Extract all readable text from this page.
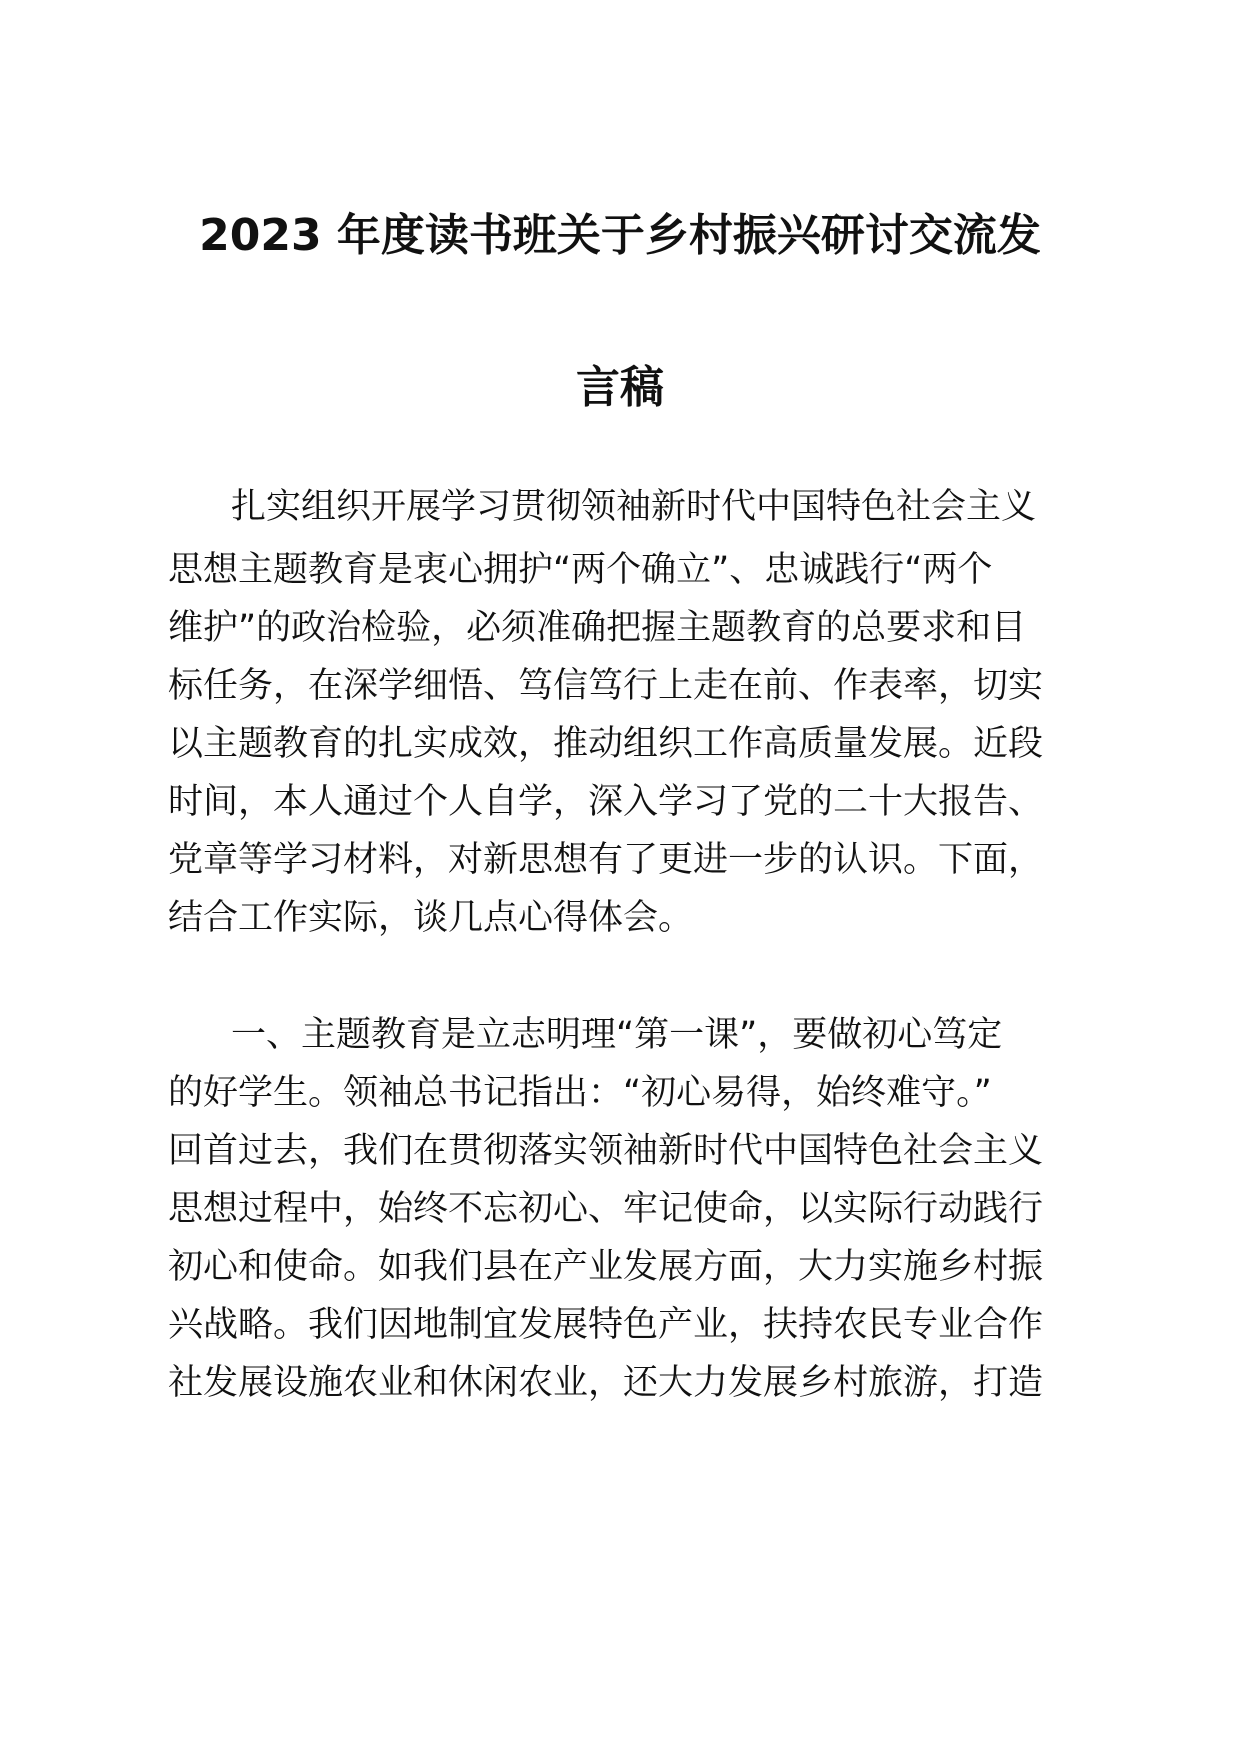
2023 年度读书班关于乡村振兴研讨交流发
言稿
扎实组织开展学习贯彻领袖新时代中国特色社会主义
思想主题教育是衷心拥护“两个确立”、忠诚践行“两个
维护”的政治检验，必须准确把握主题教育的总要求和目
标任务，在深学细悟、笃信笃行上走在前、作表率，切实
以主题教育的扎实成效，推动组织工作高质量发展。近段
时间，本人通过个人自学，深入学习了党的二十大报告、
党章等学习材料，对新思想有了更进一步的认识。下面，
结合工作实际，谈几点心得体会。
一、主题教育是立志明理“第一课”，要做初心笃定
的好学生。领袖总书记指出：“初心易得，始终难守。”
回首过去，我们在贯彻落实领袖新时代中国特色社会主义
思想过程中，始终不忘初心、牢记使命，以实际行动践行
初心和使命。如我们县在产业发展方面，大力实施乡村振
兴战略。我们因地制宜发展特色产业，扶持农民专业合作
社发展设施农业和休闲农业，还大力发展乡村旅游，打造
